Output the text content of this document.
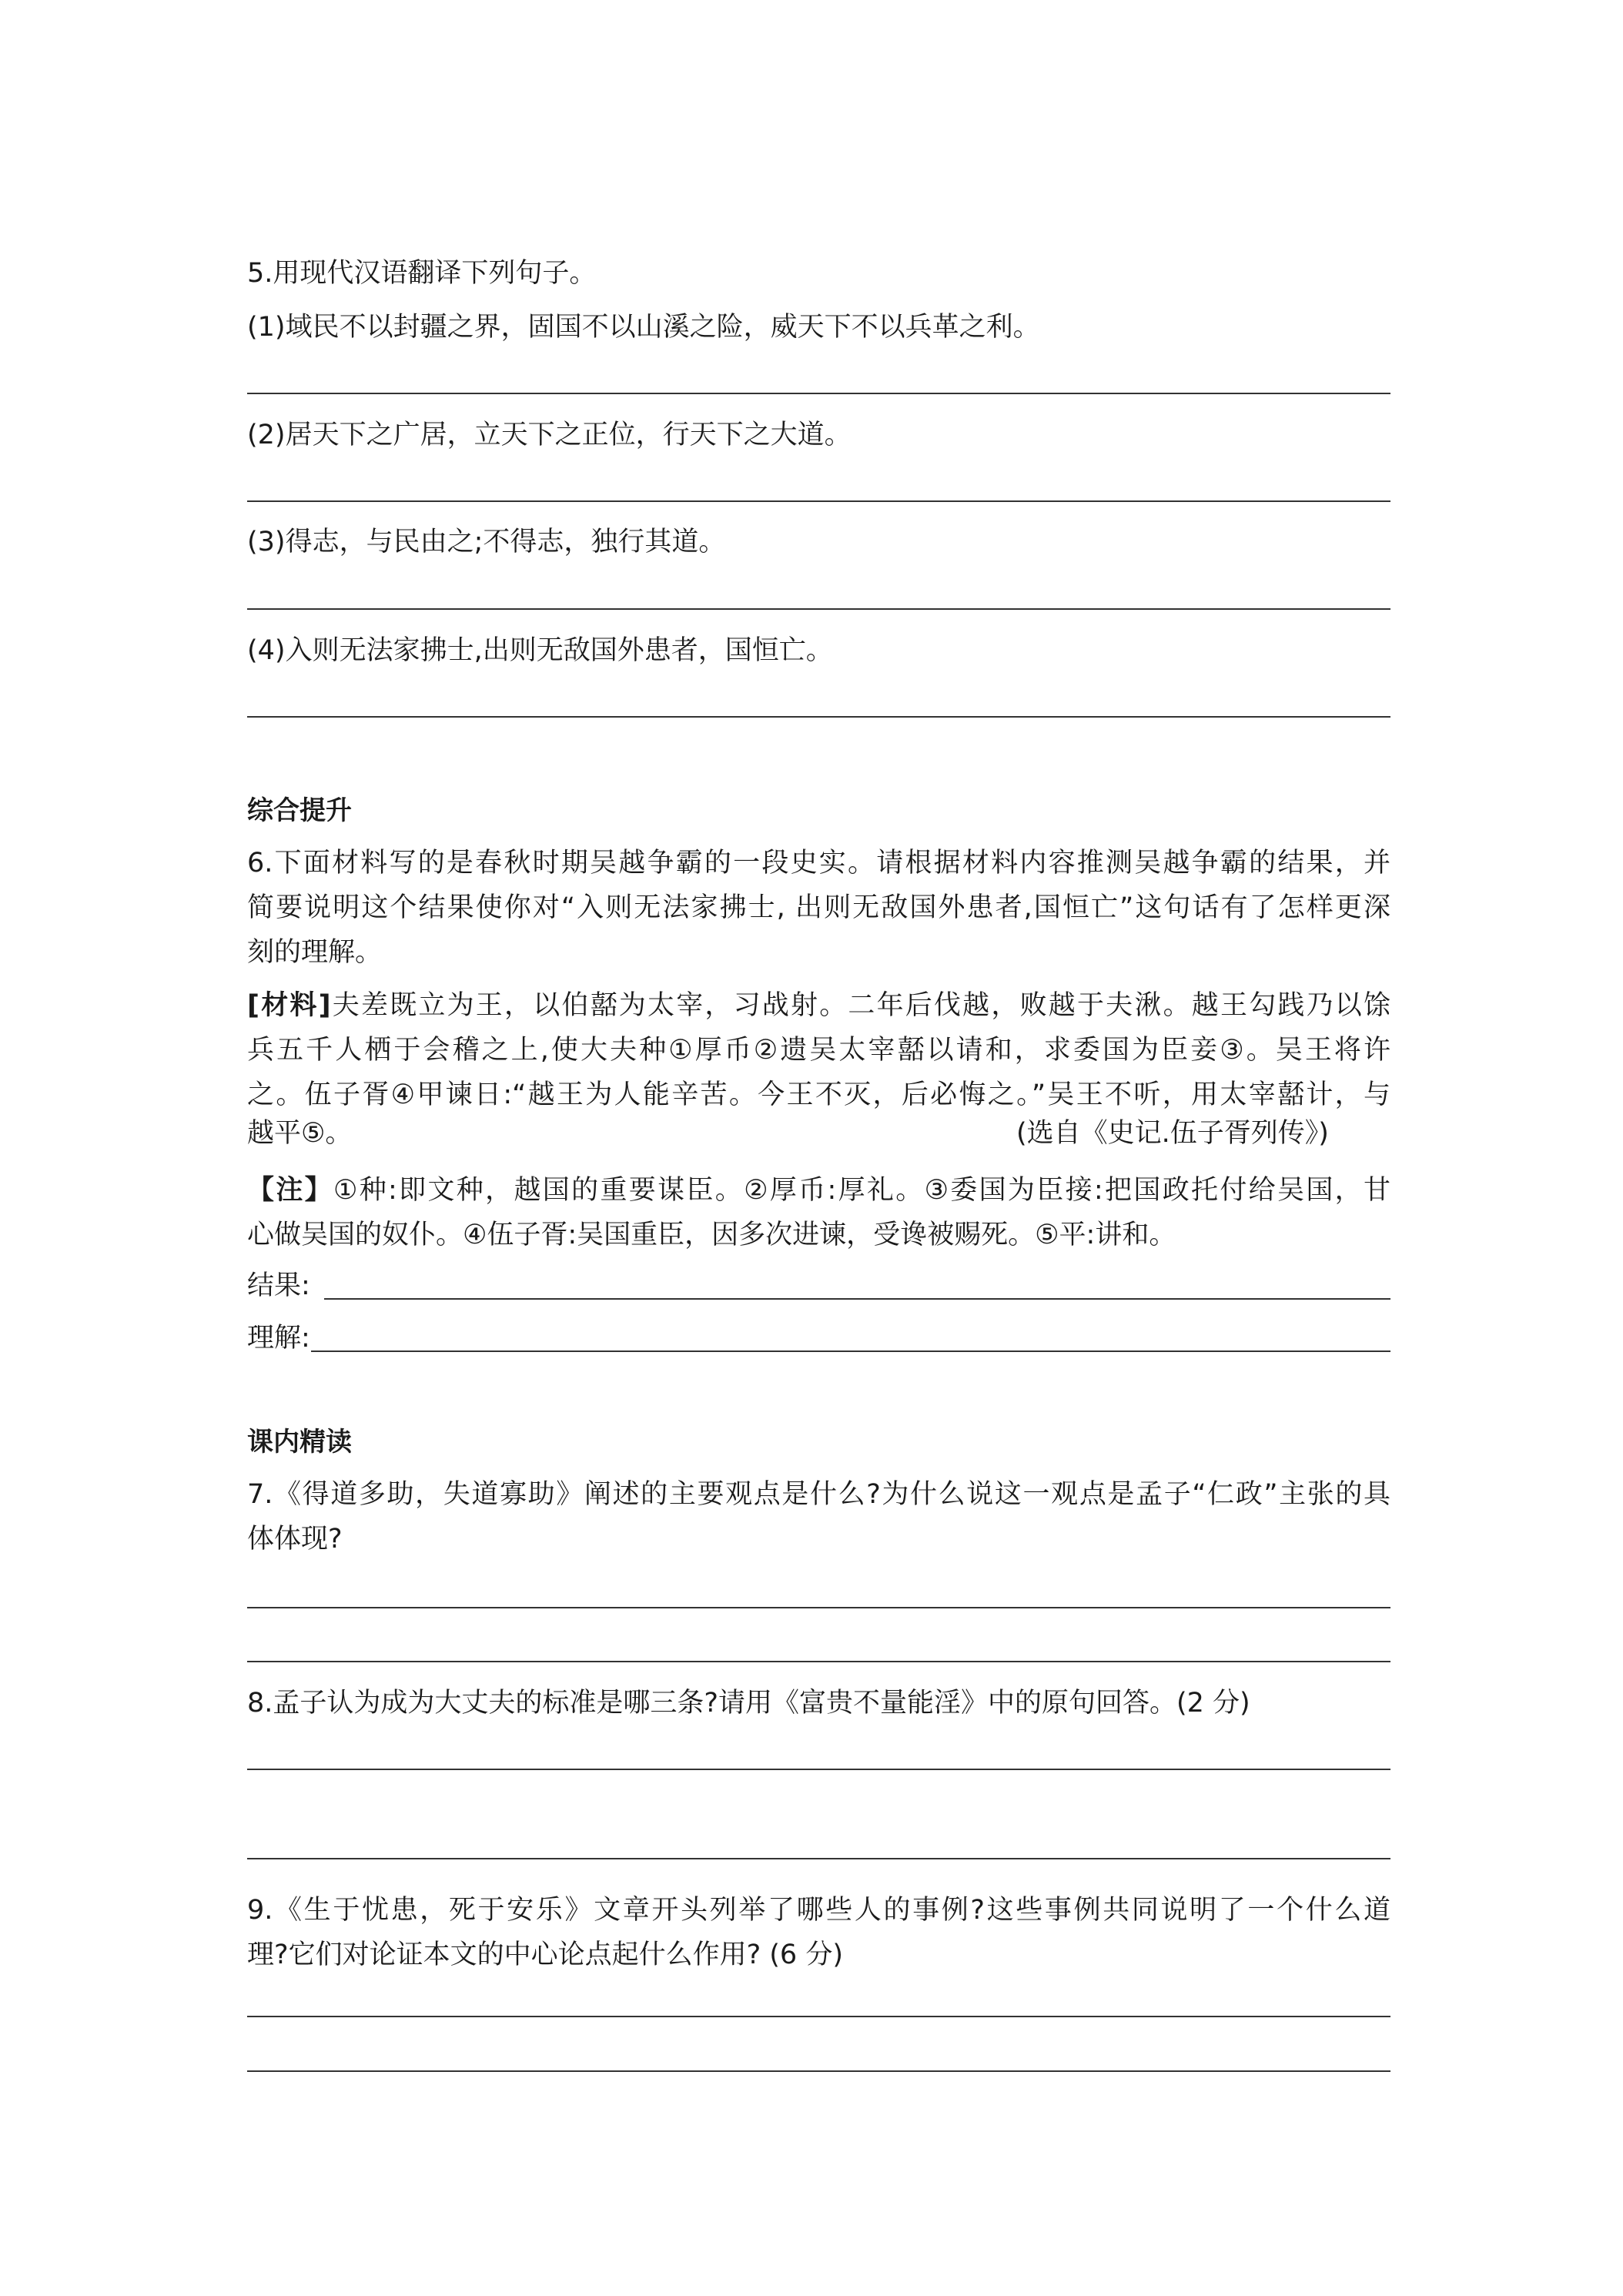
5.用现代汉语翻译下列句子。
(1)域民不以封疆之界，固国不以山溪之险，威天下不以兵革之利。
(2)居天下之广居，立天下之正位，行天下之大道。
(3)得志，与民由之;不得志，独行其道。
(4)入则无法家拂士,出则无敌国外患者，国恒亡。
综合提升
6.下面材料写的是春秋时期吴越争霸的一段史实。请根据材料内容推测吴越争霸的结果，并
简要说明这个结果使你对“入则无法家拂士, 出则无敌国外患者,国恒亡”这句话有了怎样更深
刻的理解。
[材料]夫差既立为王，以伯嚭为太宰，习战射。二年后伐越，败越于夫湫。越王勾践乃以馀
兵五千人栖于会稽之上,使大夫种①厚币②遗吴太宰嚭以请和，求委国为臣妾③。吴王将许
之。伍子胥④甲谏日:“越王为人能辛苦。今王不灭，后必悔之。”吴王不听，用太宰嚭计，与
越平⑤。	(选自《史记.伍子胥列传》)
【注】①种:即文种，越国的重要谋臣。②厚币:厚礼。③委国为臣接:把国政托付给吴国，甘
心做吴国的奴仆。④伍子胥:吴国重臣，因多次进谏，受谗被赐死。⑤平:讲和。
结果:
理解:
课内精读
7.《得道多助，失道寡助》阐述的主要观点是什么?为什么说这一观点是孟子“仁政”主张的具
体体现?
8.孟子认为成为大丈夫的标准是哪三条?请用《富贵不量能淫》中的原句回答。(2 分)
9.《生于忧患，死于安乐》文章开头列举了哪些人的事例?这些事例共同说明了一个什么道
理?它们对论证本文的中心论点起什么作用? (6 分)
